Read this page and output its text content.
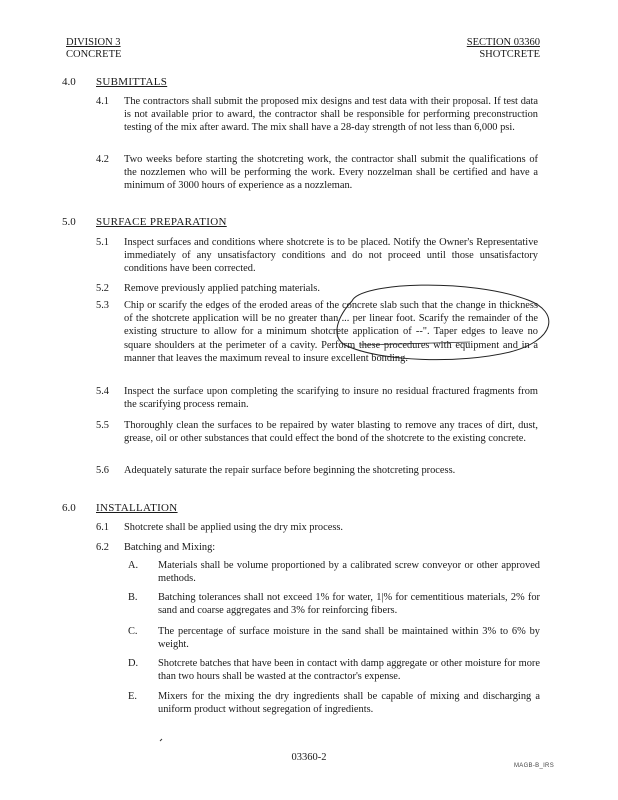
DIVISION 3
CONCRETE
SECTION 03360
SHOTCRETE
4.0 SUBMITTALS
4.1 The contractors shall submit the proposed mix designs and test data with their proposal. If test data is not available prior to award, the contractor shall be responsible for performing preconstruction testing of the mix after award. The mix shall have a 28-day strength of not less than 6,000 psi.
4.2 Two weeks before starting the shotcreting work, the contractor shall submit the qualifications of the nozzlemen who will be performing the work. Every nozzelman shall be certified and have a minimum of 3000 hours of experience as a nozzleman.
5.0 SURFACE PREPARATION
5.1 Inspect surfaces and conditions where shotcrete is to be placed. Notify the Owner's Representative immediately of any unsatisfactory conditions and do not proceed until those unsatisfactory conditions have been corrected.
5.2 Remove previously applied patching materials.
5.3 Chip or scarify the edges of the eroded areas of the concrete slab such that the change in thickness of the shotcrete application will be no greater than ... per linear foot. Scarify the remainder of the existing structure to allow for a minimum shotcrete application of --". Taper edges to leave no square shoulders at the perimeter of a cavity. Perform these procedures with equipment and in a manner that leaves the maximum reveal to insure excellent bonding.
5.4 Inspect the surface upon completing the scarifying to insure no residual fractured fragments from the scarifying process remain.
5.5 Thoroughly clean the surfaces to be repaired by water blasting to remove any traces of dirt, dust, grease, oil or other substances that could effect the bond of the shotcrete to the existing concrete.
5.6 Adequately saturate the repair surface before beginning the shotcreting process.
6.0 INSTALLATION
6.1 Shotcrete shall be applied using the dry mix process.
6.2 Batching and Mixing:
A. Materials shall be volume proportioned by a calibrated screw conveyor or other approved methods.
B. Batching tolerances shall not exceed 1% for water, 1|% for cementitious materials, 2% for sand and coarse aggregates and 3% for reinforcing fibers.
C. The percentage of surface moisture in the sand shall be maintained within 3% to 6% by weight.
D. Shotcrete batches that have been in contact with damp aggregate or other moisture for more than two hours shall be wasted at the contractor's expense.
E. Mixers for the mixing the dry ingredients shall be capable of mixing and discharging a uniform product without segregation of ingredients.
03360-2
MAGB-B_IRS
